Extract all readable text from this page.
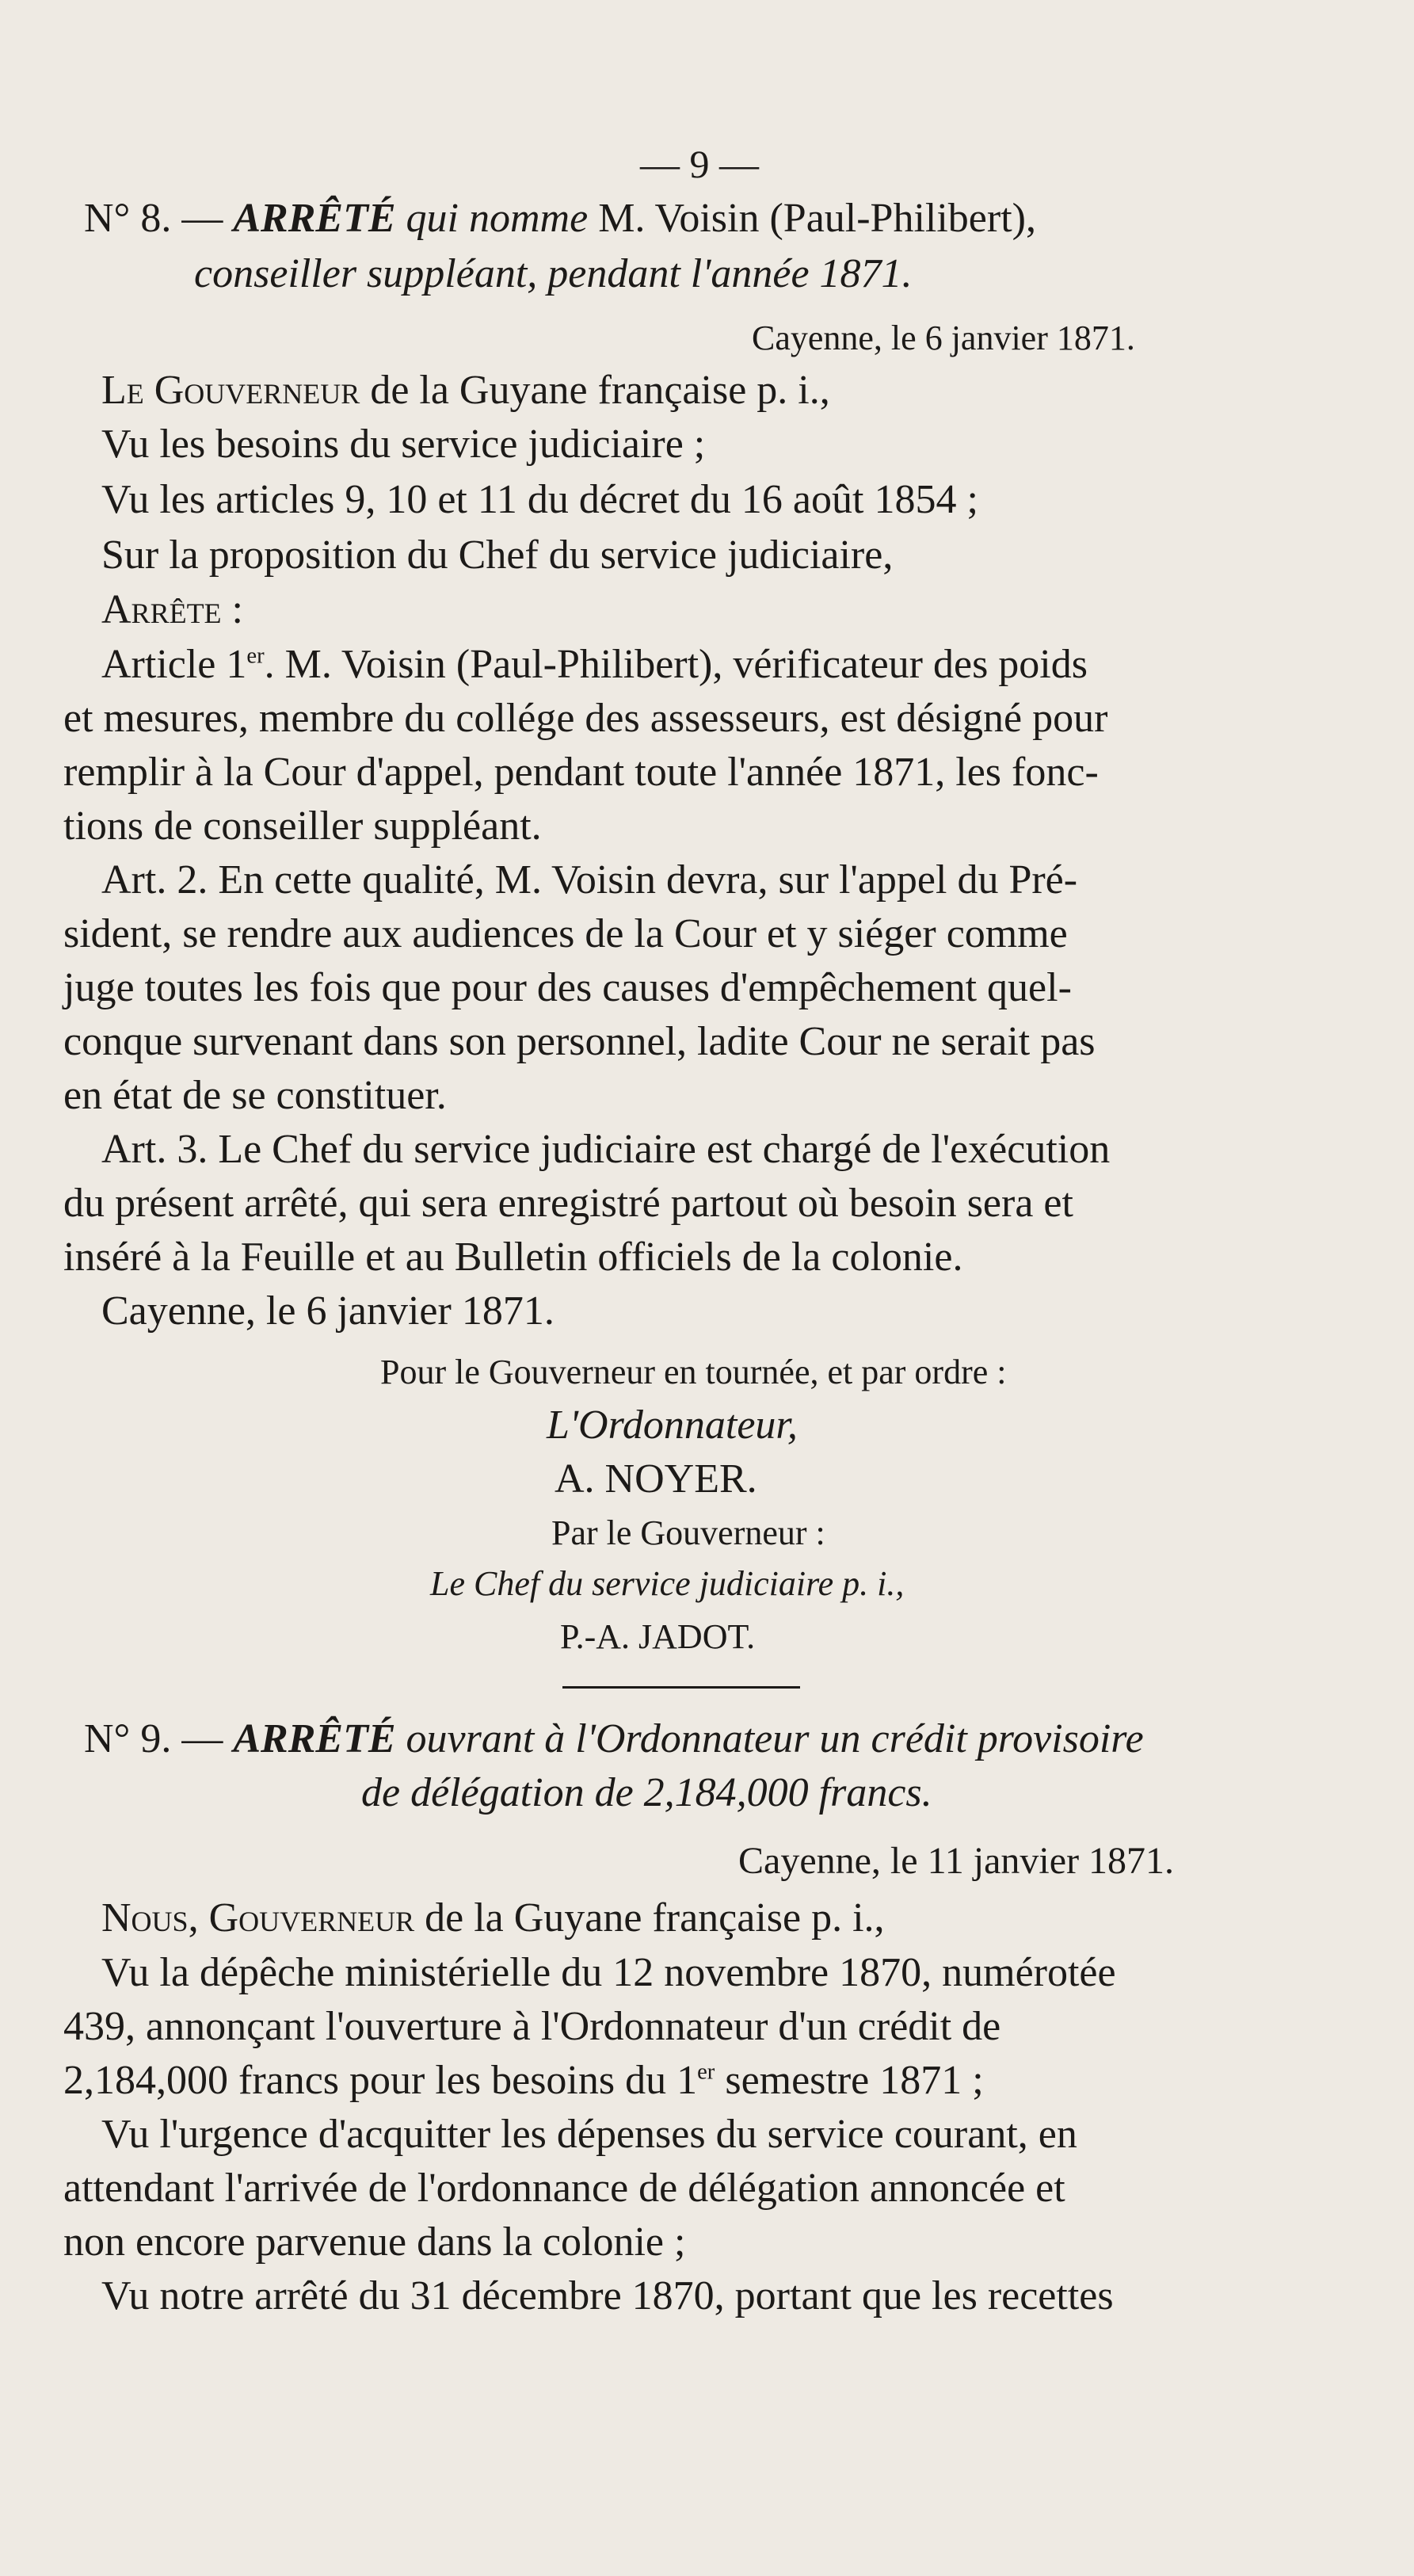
— 9 —
N° 8. — ARRÊTÉ qui nomme M. Voisin (Paul-Philibert),
conseiller suppléant, pendant l'année 1871.
Cayenne, le 6 janvier 1871.
Le Gouverneur de la Guyane française p. i.,
Vu les besoins du service judiciaire ;
Vu les articles 9, 10 et 11 du décret du 16 août 1854 ;
Sur la proposition du Chef du service judiciaire,
Arrête :
Article 1er. M. Voisin (Paul-Philibert), vérificateur des poids
et mesures, membre du collége des assesseurs, est désigné pour
remplir à la Cour d'appel, pendant toute l'année 1871, les fonc-
tions de conseiller suppléant.
Art. 2. En cette qualité, M. Voisin devra, sur l'appel du Pré-
sident, se rendre aux audiences de la Cour et y siéger comme
juge toutes les fois que pour des causes d'empêchement quel-
conque survenant dans son personnel, ladite Cour ne serait pas
en état de se constituer.
Art. 3. Le Chef du service judiciaire est chargé de l'exécution
du présent arrêté, qui sera enregistré partout où besoin sera et
inséré à la Feuille et au Bulletin officiels de la colonie.
Cayenne, le 6 janvier 1871.
Pour le Gouverneur en tournée, et par ordre :
L'Ordonnateur,
A. NOYER.
Par le Gouverneur :
Le Chef du service judiciaire p. i.,
P.-A. JADOT.
N° 9. — ARRÊTÉ ouvrant à l'Ordonnateur un crédit provisoire
de délégation de 2,184,000 francs.
Cayenne, le 11 janvier 1871.
Nous, Gouverneur de la Guyane française p. i.,
Vu la dépêche ministérielle du 12 novembre 1870, numérotée
439, annonçant l'ouverture à l'Ordonnateur d'un crédit de
2,184,000 francs pour les besoins du 1er semestre 1871 ;
Vu l'urgence d'acquitter les dépenses du service courant, en
attendant l'arrivée de l'ordonnance de délégation annoncée et
non encore parvenue dans la colonie ;
Vu notre arrêté du 31 décembre 1870, portant que les recettes
